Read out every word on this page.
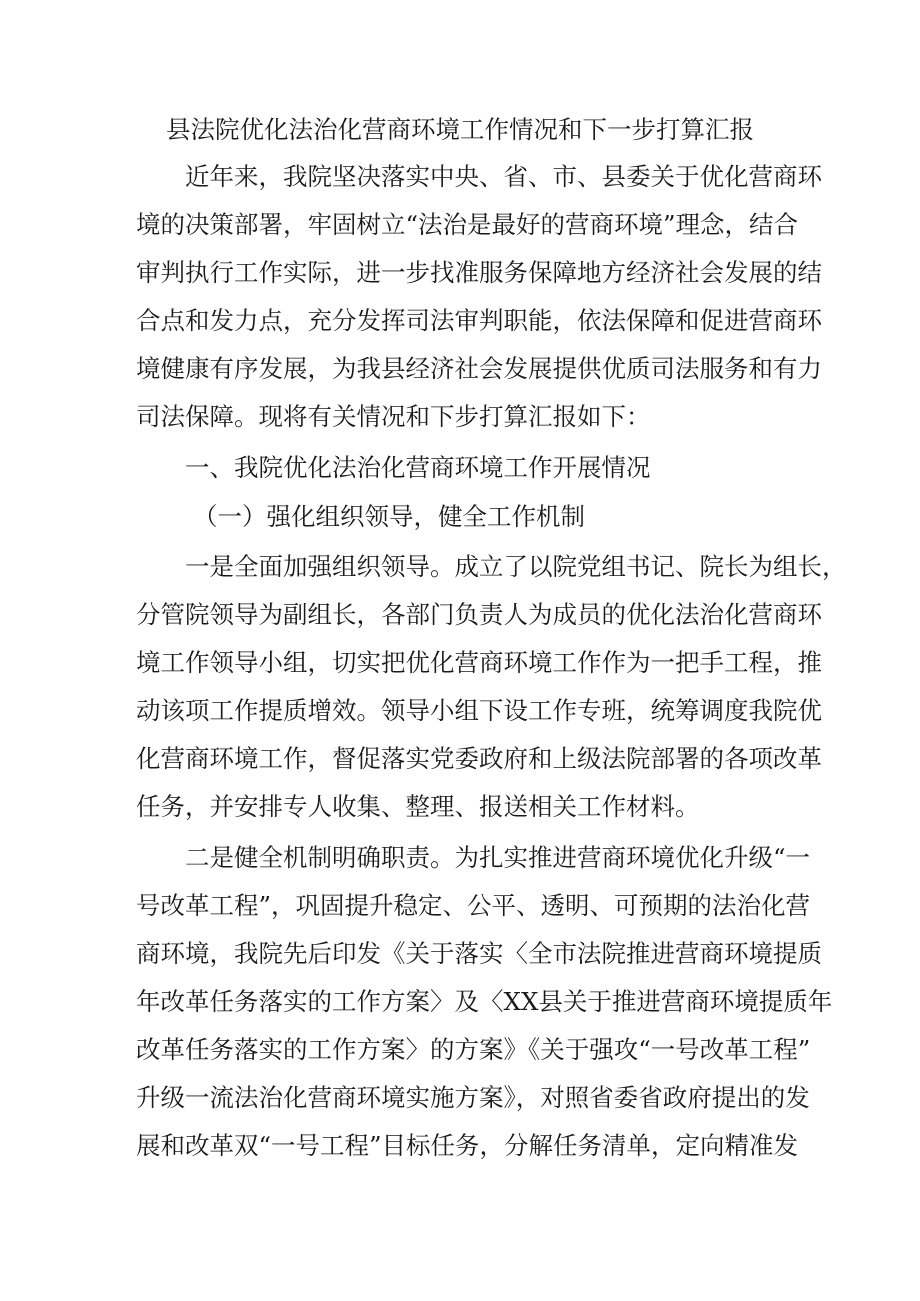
县法院优化法治化营商环境工作情况和下一步打算汇报
近年来，我院坚决落实中央、省、市、县委关于优化营商环
境的决策部署，牢固树立“法治是最好的营商环境”理念，结合
审判执行工作实际，进一步找准服务保障地方经济社会发展的结
合点和发力点，充分发挥司法审判职能，依法保障和促进营商环
境健康有序发展，为我县经济社会发展提供优质司法服务和有力
司法保障。现将有关情况和下步打算汇报如下：
一、我院优化法治化营商环境工作开展情况
（一）强化组织领导，健全工作机制
一是全面加强组织领导。成立了以院党组书记、院长为组长，
分管院领导为副组长，各部门负责人为成员的优化法治化营商环
境工作领导小组，切实把优化营商环境工作作为一把手工程，推
动该项工作提质增效。领导小组下设工作专班，统筹调度我院优
化营商环境工作，督促落实党委政府和上级法院部署的各项改革
任务，并安排专人收集、整理、报送相关工作材料。
二是健全机制明确职责。为扎实推进营商环境优化升级“一
号改革工程”，巩固提升稳定、公平、透明、可预期的法治化营
商环境，我院先后印发《关于落实〈全市法院推进营商环境提质
年改革任务落实的工作方案〉及〈XX县关于推进营商环境提质年
改革任务落实的工作方案〉的方案》《关于强攻“一号改革工程”
升级一流法治化营商环境实施方案》，对照省委省政府提出的发
展和改革双“一号工程”目标任务，分解任务清单，定向精准发
